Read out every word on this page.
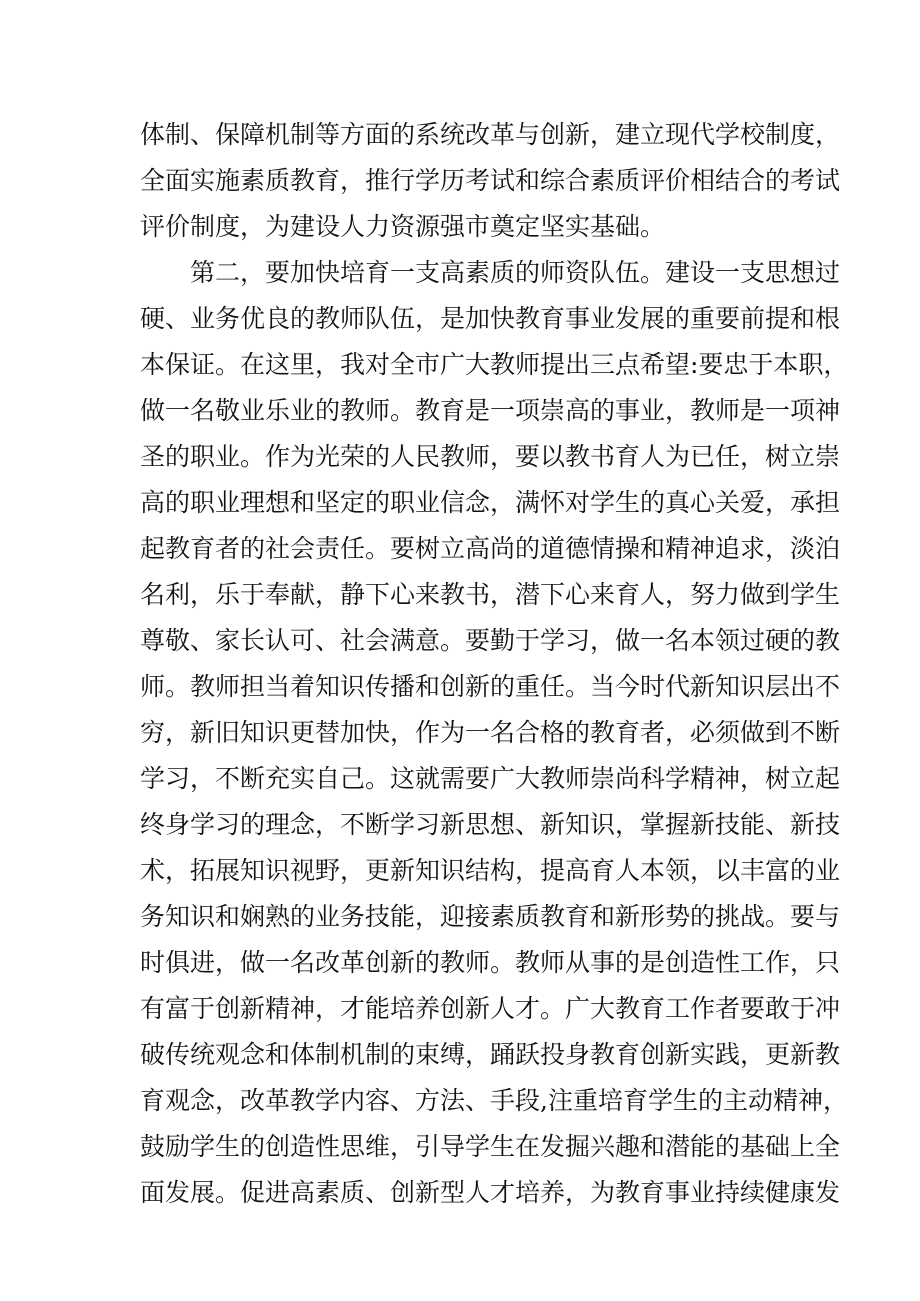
体制、保障机制等方面的系统改革与创新，建立现代学校制度，
全面实施素质教育，推行学历考试和综合素质评价相结合的考试
评价制度，为建设人力资源强市奠定坚实基础。
第二，要加快培育一支高素质的师资队伍。建设一支思想过
硬、业务优良的教师队伍，是加快教育事业发展的重要前提和根
本保证。在这里，我对全市广大教师提出三点希望:要忠于本职，
做一名敬业乐业的教师。教育是一项崇高的事业，教师是一项神
圣的职业。作为光荣的人民教师，要以教书育人为已任，树立崇
高的职业理想和坚定的职业信念，满怀对学生的真心关爱，承担
起教育者的社会责任。要树立高尚的道德情操和精神追求，淡泊
名利，乐于奉献，静下心来教书，潜下心来育人，努力做到学生
尊敬、家长认可、社会满意。要勤于学习，做一名本领过硬的教
师。教师担当着知识传播和创新的重任。当今时代新知识层出不
穷，新旧知识更替加快，作为一名合格的教育者，必须做到不断
学习，不断充实自己。这就需要广大教师崇尚科学精神，树立起
终身学习的理念，不断学习新思想、新知识，掌握新技能、新技
术，拓展知识视野，更新知识结构，提高育人本领，以丰富的业
务知识和娴熟的业务技能，迎接素质教育和新形势的挑战。要与
时俱进，做一名改革创新的教师。教师从事的是创造性工作，只
有富于创新精神，才能培养创新人才。广大教育工作者要敢于冲
破传统观念和体制机制的束缚，踊跃投身教育创新实践，更新教
育观念，改革教学内容、方法、手段,注重培育学生的主动精神，
鼓励学生的创造性思维，引导学生在发掘兴趣和潜能的基础上全
面发展。促进高素质、创新型人才培养，为教育事业持续健康发
